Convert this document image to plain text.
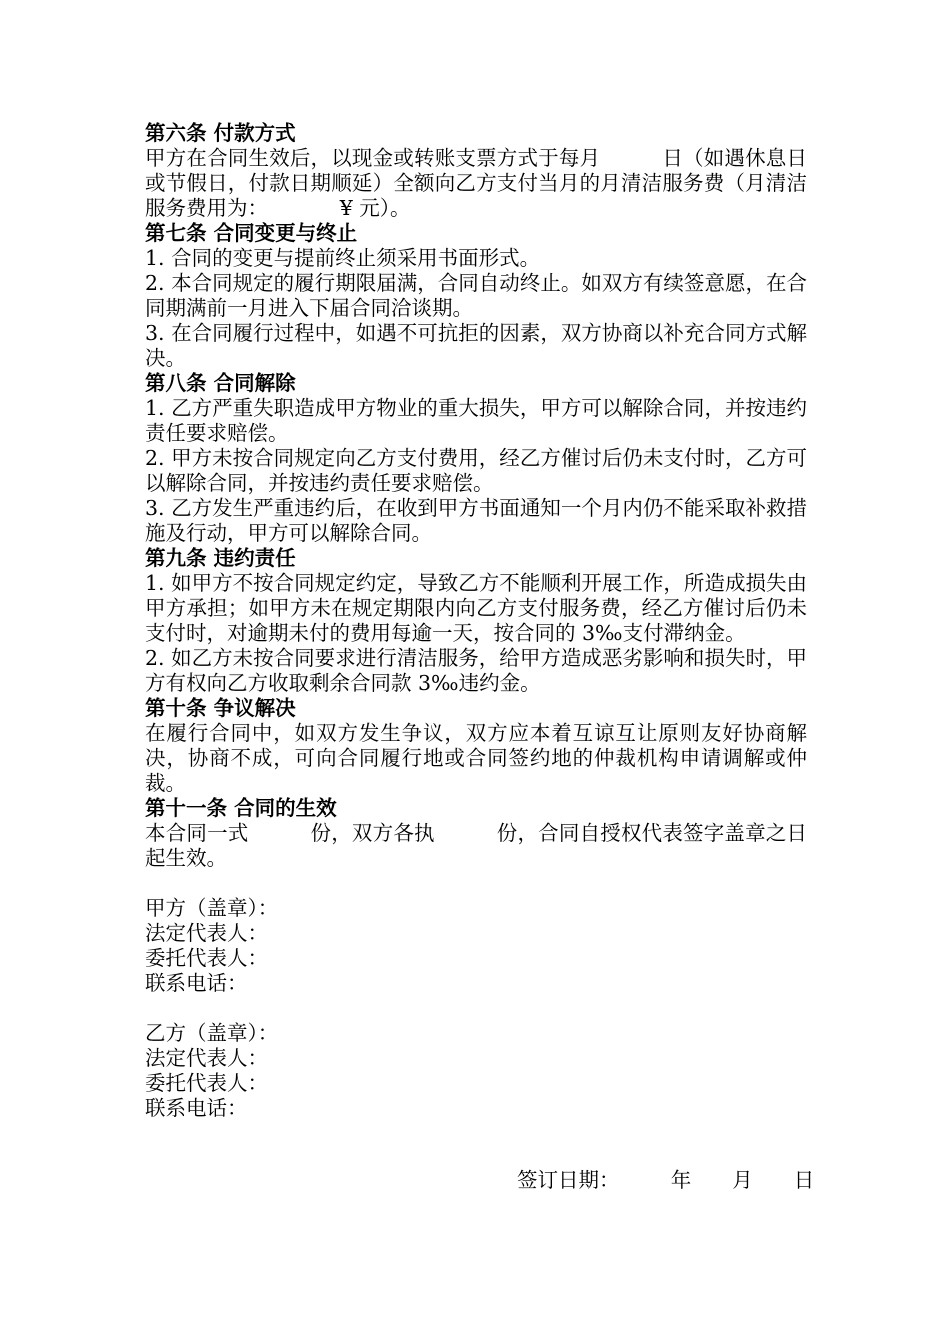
第六条 付款方式

甲方在合同生效后，以现金或转账支票方式于每月　　　日（如遇休息日或节假日，付款日期顺延）全额向乙方支付当月的月清洁服务费（月清洁服务费用为：　　　　¥ 元）。

第七条 合同变更与终止

1. 合同的变更与提前终止须采用书面形式。

2. 本合同规定的履行期限届满，合同自动终止。如双方有续签意愿，在合同期满前一月进入下届合同洽谈期。

3. 在合同履行过程中，如遇不可抗拒的因素，双方协商以补充合同方式解决。

第八条 合同解除

1. 乙方严重失职造成甲方物业的重大损失，甲方可以解除合同，并按违约责任要求赔偿。

2. 甲方未按合同规定向乙方支付费用，经乙方催讨后仍未支付时，乙方可以解除合同，并按违约责任要求赔偿。

3. 乙方发生严重违约后，在收到甲方书面通知一个月内仍不能采取补救措施及行动，甲方可以解除合同。

第九条 违约责任

1. 如甲方不按合同规定约定，导致乙方不能顺利开展工作，所造成损失由甲方承担；如甲方未在规定期限内向乙方支付服务费，经乙方催讨后仍未支付时，对逾期未付的费用每逾一天，按合同的 3‰支付滞纳金。

2. 如乙方未按合同要求进行清洁服务，给甲方造成恶劣影响和损失时，甲方有权向乙方收取剩余合同款 3‰违约金。

第十条 争议解决

在履行合同中，如双方发生争议，双方应本着互谅互让原则友好协商解决，协商不成，可向合同履行地或合同签约地的仲裁机构申请调解或仲裁。

第十一条 合同的生效

本合同一式　　　份，双方各执　　　份，合同自授权代表签字盖章之日起生效。

甲方（盖章）：

法定代表人：

委托代表人：

联系电话：

乙方（盖章）：

法定代表人：

委托代表人：

联系电话：

签订日期：　　　年　　月　　日
